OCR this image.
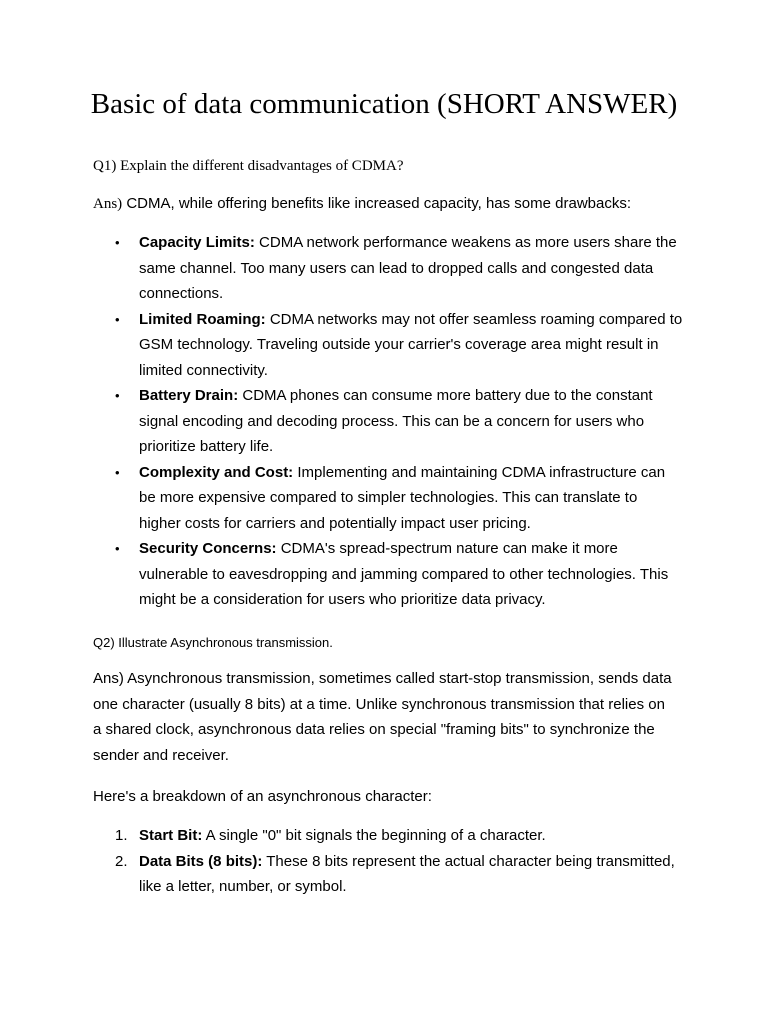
Basic of data communication (SHORT ANSWER)

Q1) Explain the different disadvantages of CDMA?

Ans) CDMA, while offering benefits like increased capacity, has some drawbacks:

• Capacity Limits: CDMA network performance weakens as more users share the same channel. Too many users can lead to dropped calls and congested data connections.
• Limited Roaming: CDMA networks may not offer seamless roaming compared to GSM technology. Traveling outside your carrier's coverage area might result in limited connectivity.
• Battery Drain: CDMA phones can consume more battery due to the constant signal encoding and decoding process. This can be a concern for users who prioritize battery life.
• Complexity and Cost: Implementing and maintaining CDMA infrastructure can be more expensive compared to simpler technologies. This can translate to higher costs for carriers and potentially impact user pricing.
• Security Concerns: CDMA's spread-spectrum nature can make it more vulnerable to eavesdropping and jamming compared to other technologies. This might be a consideration for users who prioritize data privacy.

Q2) Illustrate Asynchronous transmission.

Ans) Asynchronous transmission, sometimes called start-stop transmission, sends data one character (usually 8 bits) at a time. Unlike synchronous transmission that relies on a shared clock, asynchronous data relies on special "framing bits" to synchronize the sender and receiver.

Here's a breakdown of an asynchronous character:

1. Start Bit: A single "0" bit signals the beginning of a character.
2. Data Bits (8 bits): These 8 bits represent the actual character being transmitted, like a letter, number, or symbol.
